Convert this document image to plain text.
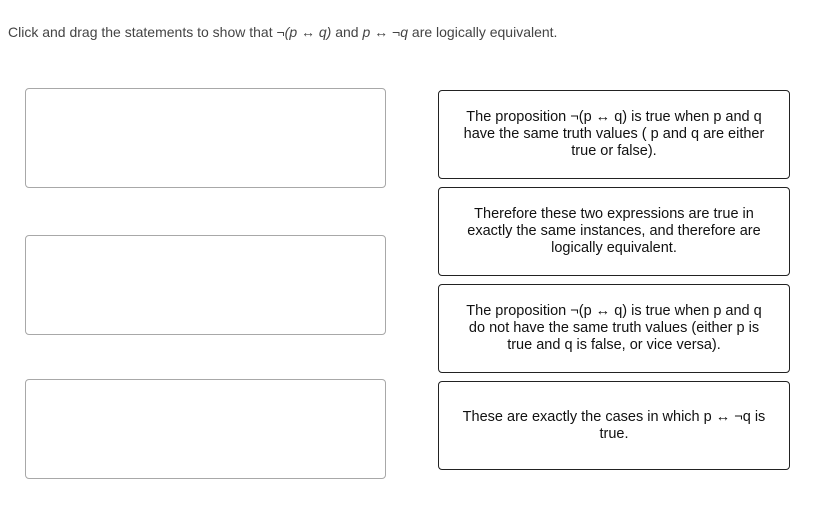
Click and drag the statements to show that ¬(p ↔ q) and p ↔ ¬q are logically equivalent.
The proposition ¬(p ↔ q) is true when p and q have the same truth values ( p and q are either true or false).
Therefore these two expressions are true in exactly the same instances, and therefore are logically equivalent.
The proposition ¬(p ↔ q) is true when p and q do not have the same truth values (either p is true and q is false, or vice versa).
These are exactly the cases in which p ↔ ¬q is true.
